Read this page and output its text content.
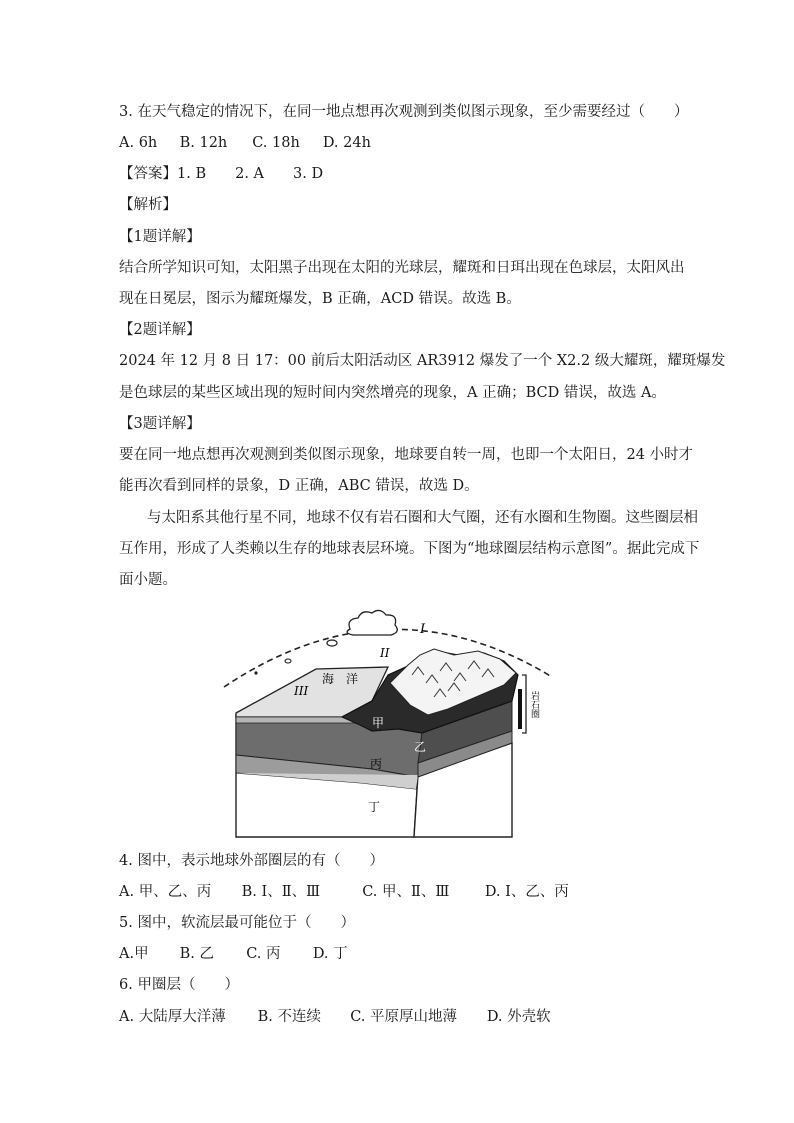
3. 在天气稳定的情况下，在同一地点想再次观测到类似图示现象，至少需要经过（　　）
A. 6h B. 12h C. 18h D. 24h
【答案】1. B　　2. A　　3. D
【解析】
【1题详解】
结合所学知识可知，太阳黑子出现在太阳的光球层，耀斑和日珥出现在色球层，太阳风出
现在日冕层，图示为耀斑爆发，B 正确，ACD 错误。故选 B。
【2题详解】
2024 年 12 月 8 日 17：00 前后太阳活动区 AR3912 爆发了一个 X2.2 级大耀斑，耀斑爆发
是色球层的某些区域出现的短时间内突然增亮的现象，A 正确；BCD 错误，故选 A。
【3题详解】
要在同一地点想再次观测到类似图示现象，地球要自转一周，也即一个太阳日，24 小时才
能再次看到同样的景象，D 正确，ABC 错误，故选 D。
与太阳系其他行星不同，地球不仅有岩石圈和大气圈，还有水圈和生物圈。这些圈层相
互作用，形成了人类赖以生存的地球表层环境。下图为“地球圈层结构示意图”。据此完成下
面小题。
I
II
III
海　洋
甲
乙
丙
丁
岩石圈
4. 图中，表示地球外部圈层的有（　　）
A. 甲、乙、丙 B. Ⅰ、Ⅱ、Ⅲ	C. 甲、Ⅱ、Ⅲ D. Ⅰ、乙、丙
5. 图中，软流层最可能位于（　　）
A.甲 B. 乙 C. 丙 D. 丁
6. 甲圈层（　　）
A. 大陆厚大洋薄 B. 不连续 C. 平原厚山地薄 D. 外壳软
